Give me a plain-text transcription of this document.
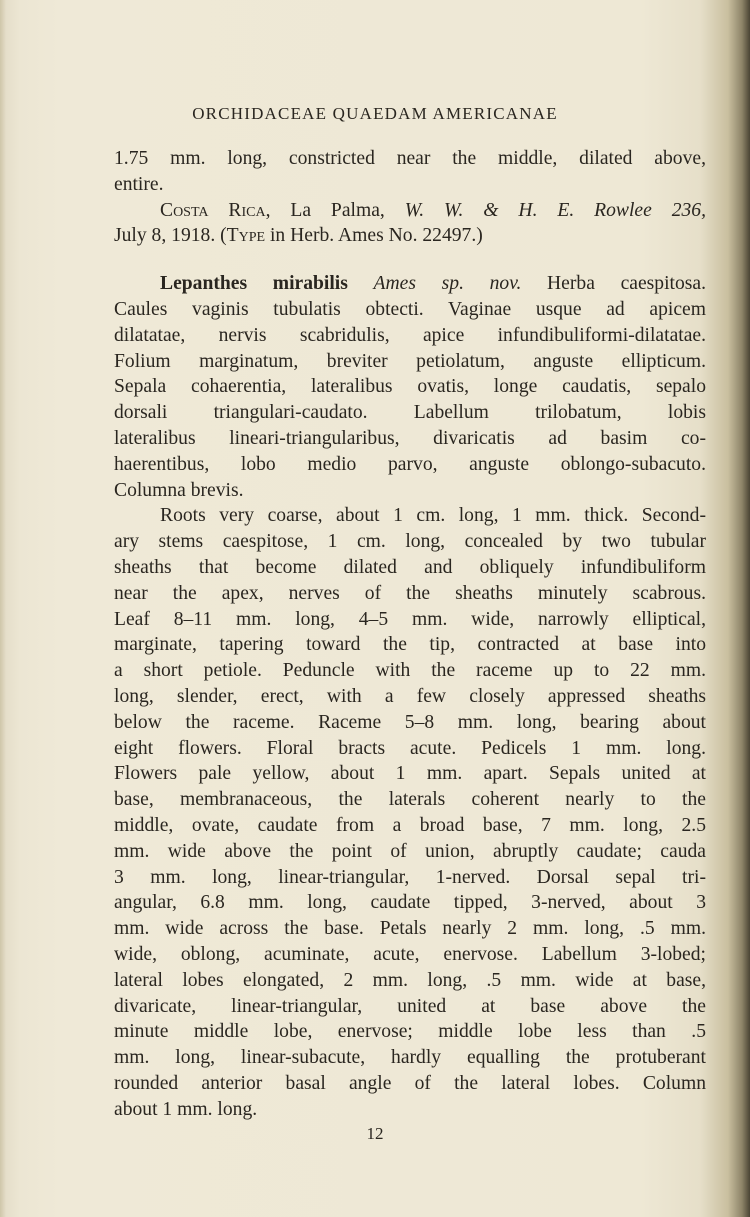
ORCHIDACEAE QUAEDAM AMERICANAE

1.75 mm. long, constricted near the middle, dilated above,
entire.

Costa Rica, La Palma, W. W. & H. E. Rowlee 236,
July 8, 1918. (Type in Herb. Ames No. 22497.)

Lepanthes mirabilis Ames sp. nov. Herba caespitosa.
Caules vaginis tubulatis obtecti. Vaginae usque ad apicem
dilatatae, nervis scabridulis, apice infundibuliformi-dilatatae.
Folium marginatum, breviter petiolatum, anguste ellipticum.
Sepala cohaerentia, lateralibus ovatis, longe caudatis, sepalo
dorsali triangulari-caudato. Labellum trilobatum, lobis
lateralibus lineari-triangularibus, divaricatis ad basim co-
haerentibus, lobo medio parvo, anguste oblongo-subacuto.
Columna brevis.

Roots very coarse, about 1 cm. long, 1 mm. thick. Second-
ary stems caespitose, 1 cm. long, concealed by two tubular
sheaths that become dilated and obliquely infundibuliform
near the apex, nerves of the sheaths minutely scabrous.
Leaf 8–11 mm. long, 4–5 mm. wide, narrowly elliptical,
marginate, tapering toward the tip, contracted at base into
a short petiole. Peduncle with the raceme up to 22 mm.
long, slender, erect, with a few closely appressed sheaths
below the raceme. Raceme 5–8 mm. long, bearing about
eight flowers. Floral bracts acute. Pedicels 1 mm. long.
Flowers pale yellow, about 1 mm. apart. Sepals united at
base, membranaceous, the laterals coherent nearly to the
middle, ovate, caudate from a broad base, 7 mm. long, 2.5
mm. wide above the point of union, abruptly caudate; cauda
3 mm. long, linear-triangular, 1-nerved. Dorsal sepal tri-
angular, 6.8 mm. long, caudate tipped, 3-nerved, about 3
mm. wide across the base. Petals nearly 2 mm. long, .5 mm.
wide, oblong, acuminate, acute, enervose. Labellum 3-lobed;
lateral lobes elongated, 2 mm. long, .5 mm. wide at base,
divaricate, linear-triangular, united at base above the
minute middle lobe, enervose; middle lobe less than .5
mm. long, linear-subacute, hardly equalling the protuberant
rounded anterior basal angle of the lateral lobes. Column
about 1 mm. long.

12
